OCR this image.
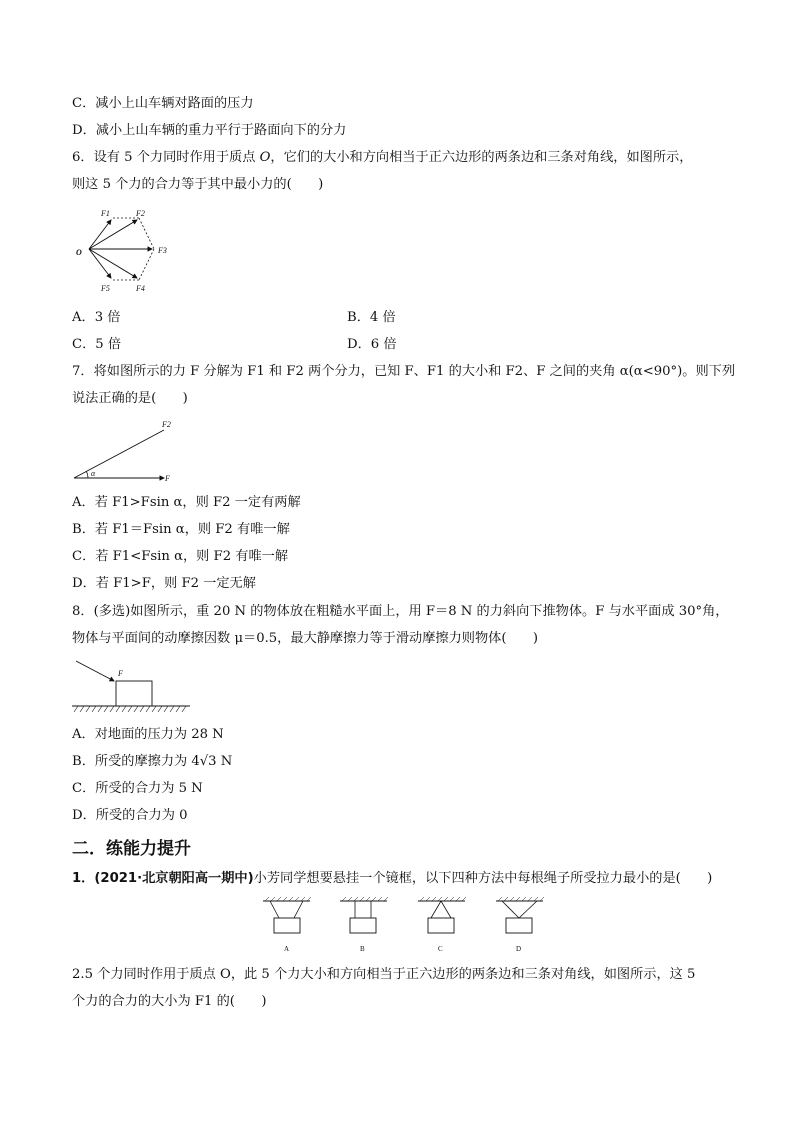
C．减小上山车辆对路面的压力
D．减小上山车辆的重力平行于路面向下的分力
6．设有 5 个力同时作用于质点 O，它们的大小和方向相当于正六边形的两条边和三条对角线，如图所示，
则这 5 个力的合力等于其中最小力的(　　)
O
F1	F2
F3
F4
F5
A．3 倍	B．4 倍
C．5 倍	D．6 倍
7．将如图所示的力 F 分解为 F1 和 F2 两个分力，已知 F、F1 的大小和 F2、F 之间的夹角 α(α<90°)。则下列
说法正确的是(　　)
F2
F
α
A．若 F1>Fsin α，则 F2 一定有两解
B．若 F1＝Fsin α，则 F2 有唯一解
C．若 F1<Fsin α，则 F2 有唯一解
D．若 F1>F，则 F2 一定无解
8．(多选)如图所示，重 20 N 的物体放在粗糙水平面上，用 F＝8 N 的力斜向下推物体。F 与水平面成 30°角，
物体与平面间的动摩擦因数 μ＝0.5，最大静摩擦力等于滑动摩擦力则物体(　　)
F
A．对地面的压力为 28 N
B．所受的摩擦力为 4√3 N
C．所受的合力为 5 N
D．所受的合力为 0
二．练能力提升
1．(2021·北京朝阳高一期中)小芳同学想要悬挂一个镜框，以下四种方法中每根绳子所受拉力最小的是(　　)
A	B	C	D
2.5 个力同时作用于质点 O，此 5 个力大小和方向相当于正六边形的两条边和三条对角线，如图所示，这 5
个力的合力的大小为 F1 的(　　)
